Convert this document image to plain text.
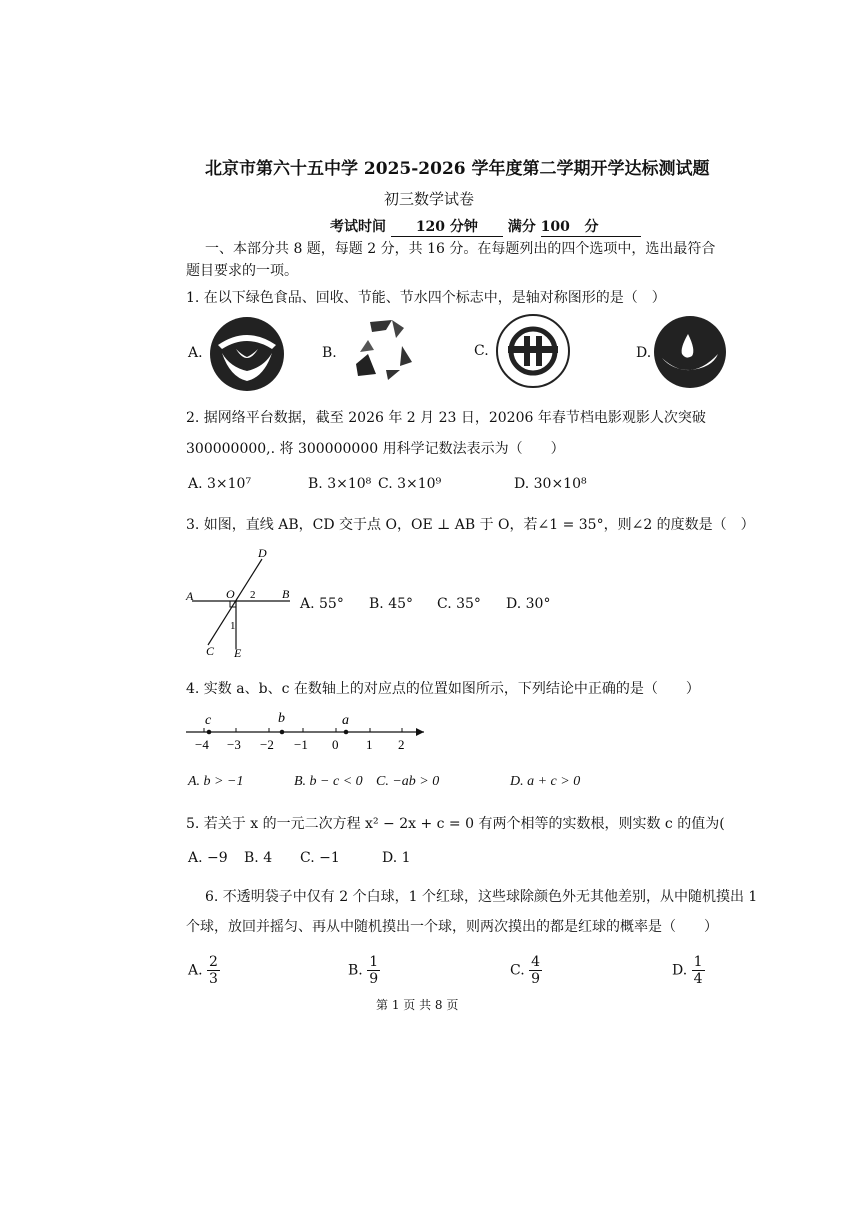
北京市第六十五中学 2025-2026 学年度第二学期开学达标测试题
初三数学试卷
考试时间 120 分钟 满分 100 分
一、本部分共 8 题，每题 2 分，共 16 分。在每题列出的四个选项中，选出最符合
题目要求的一项。
1. 在以下绿色食品、回收、节能、节水四个标志中，是轴对称图形的是（　）
A.	B.	C.	D.
2. 据网络平台数据，截至 2026 年 2 月 23 日，20206 年春节档电影观影人次突破
300000000,. 将 300000000 用科学记数法表示为（　　）
A. 3×10⁷	B. 3×10⁸ C. 3×10⁹	D. 30×10⁸
3. 如图，直线 AB，CD 交于点 O，OE ⊥ AB 于 O，若∠1 = 35°，则∠2 的度数是（　）
A	B
D
C E
O
1
2
A. 55° B. 45° C. 35° D. 30°
4. 实数 a、b、c 在数轴上的对应点的位置如图所示，下列结论中正确的是（　　）
−4 −3 −2 −1 0 1 2
c	b	a
A. b > −1	B. b − c < 0 C. −ab > 0	D. a + c > 0
5. 若关于 x 的一元二次方程 x² − 2x + c = 0 有两个相等的实数根，则实数 c 的值为(
A. −9 B. 4 C. −1	D. 1
6. 不透明袋子中仅有 2 个白球，1 个红球，这些球除颜色外无其他差别，从中随机摸出 1
个球，放回并摇匀、再从中随机摸出一个球，则两次摸出的都是红球的概率是（　　）
A. $\frac{2}{3}$	B. $\frac{1}{9}$	C. $\frac{4}{9}$	D. $\frac{1}{4}$
第 1 页 共 8 页
